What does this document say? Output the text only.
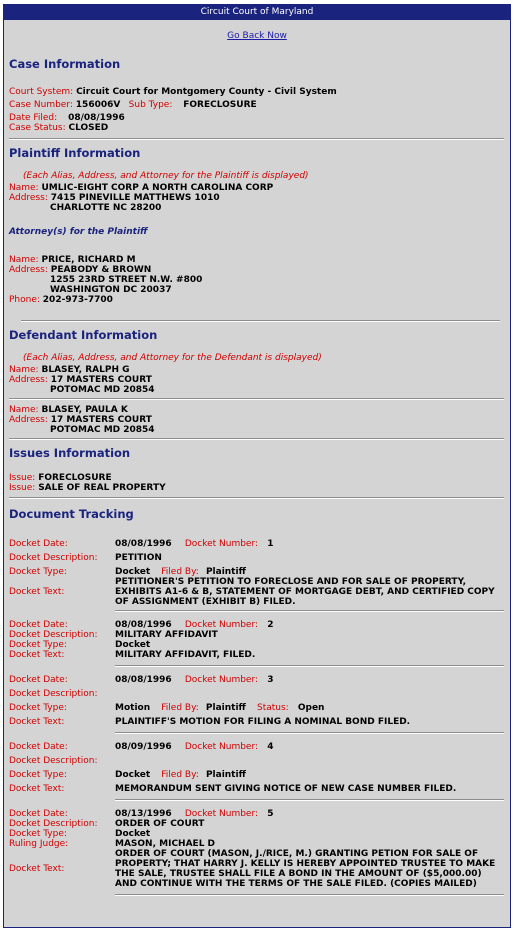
Circuit Court of Maryland
Go Back Now
Case Information
Court System: Circuit Court for Montgomery County - Civil System
Case Number: 156006V Sub Type: FORECLOSURE
Date Filed: 08/08/1996
Case Status: CLOSED
Plaintiff Information
(Each Alias, Address, and Attorney for the Plaintiff is displayed)
Name: UMLIC-EIGHT CORP A NORTH CAROLINA CORP
Address: 7415 PINEVILLE MATTHEWS 1010
CHARLOTTE NC 28200
Attorney(s) for the Plaintiff
Name: PRICE, RICHARD M
Address: PEABODY & BROWN
1255 23RD STREET N.W. #800
WASHINGTON DC 20037
Phone: 202-973-7700
Defendant Information
(Each Alias, Address, and Attorney for the Defendant is displayed)
Name: BLASEY, RALPH G
Address: 17 MASTERS COURT
POTOMAC MD 20854
Name: BLASEY, PAULA K
Address: 17 MASTERS COURT
POTOMAC MD 20854
Issues Information
Issue: FORECLOSURE
Issue: SALE OF REAL PROPERTY
Document Tracking
Docket Date:	08/08/1996 Docket Number: 1
Docket Description:	PETITION
Docket Type:	Docket Filed By: Plaintiff
Docket Text:	PETITIONER'S PETITION TO FORECLOSE AND FOR SALE OF PROPERTY, EXHIBITS A1-6 & B, STATEMENT OF MORTGAGE DEBT, AND CERTIFIED COPY OF ASSIGNMENT (EXHIBIT B) FILED.
Docket Date:	08/08/1996 Docket Number: 2
Docket Description:	MILITARY AFFIDAVIT
Docket Type:	Docket
Docket Text:	MILITARY AFFIDAVIT, FILED.
Docket Date:	08/08/1996 Docket Number: 3
Docket Description:	
Docket Type:	Motion Filed By: Plaintiff Status: Open
Docket Text:	PLAINTIFF'S MOTION FOR FILING A NOMINAL BOND FILED.
Docket Date:	08/09/1996 Docket Number: 4
Docket Description:	
Docket Type:	Docket Filed By: Plaintiff
Docket Text:	MEMORANDUM SENT GIVING NOTICE OF NEW CASE NUMBER FILED.
Docket Date:	08/13/1996 Docket Number: 5
Docket Description:	ORDER OF COURT
Docket Type:	Docket
Ruling Judge:	MASON, MICHAEL D
Docket Text:	ORDER OF COURT (MASON, J./RICE, M.) GRANTING PETION FOR SALE OF PROPERTY; THAT HARRY J. KELLY IS HEREBY APPOINTED TRUSTEE TO MAKE THE SALE, TRUSTEE SHALL FILE A BOND IN THE AMOUNT OF ($5,000.00) AND CONTINUE WITH THE TERMS OF THE SALE FILED. (COPIES MAILED)
